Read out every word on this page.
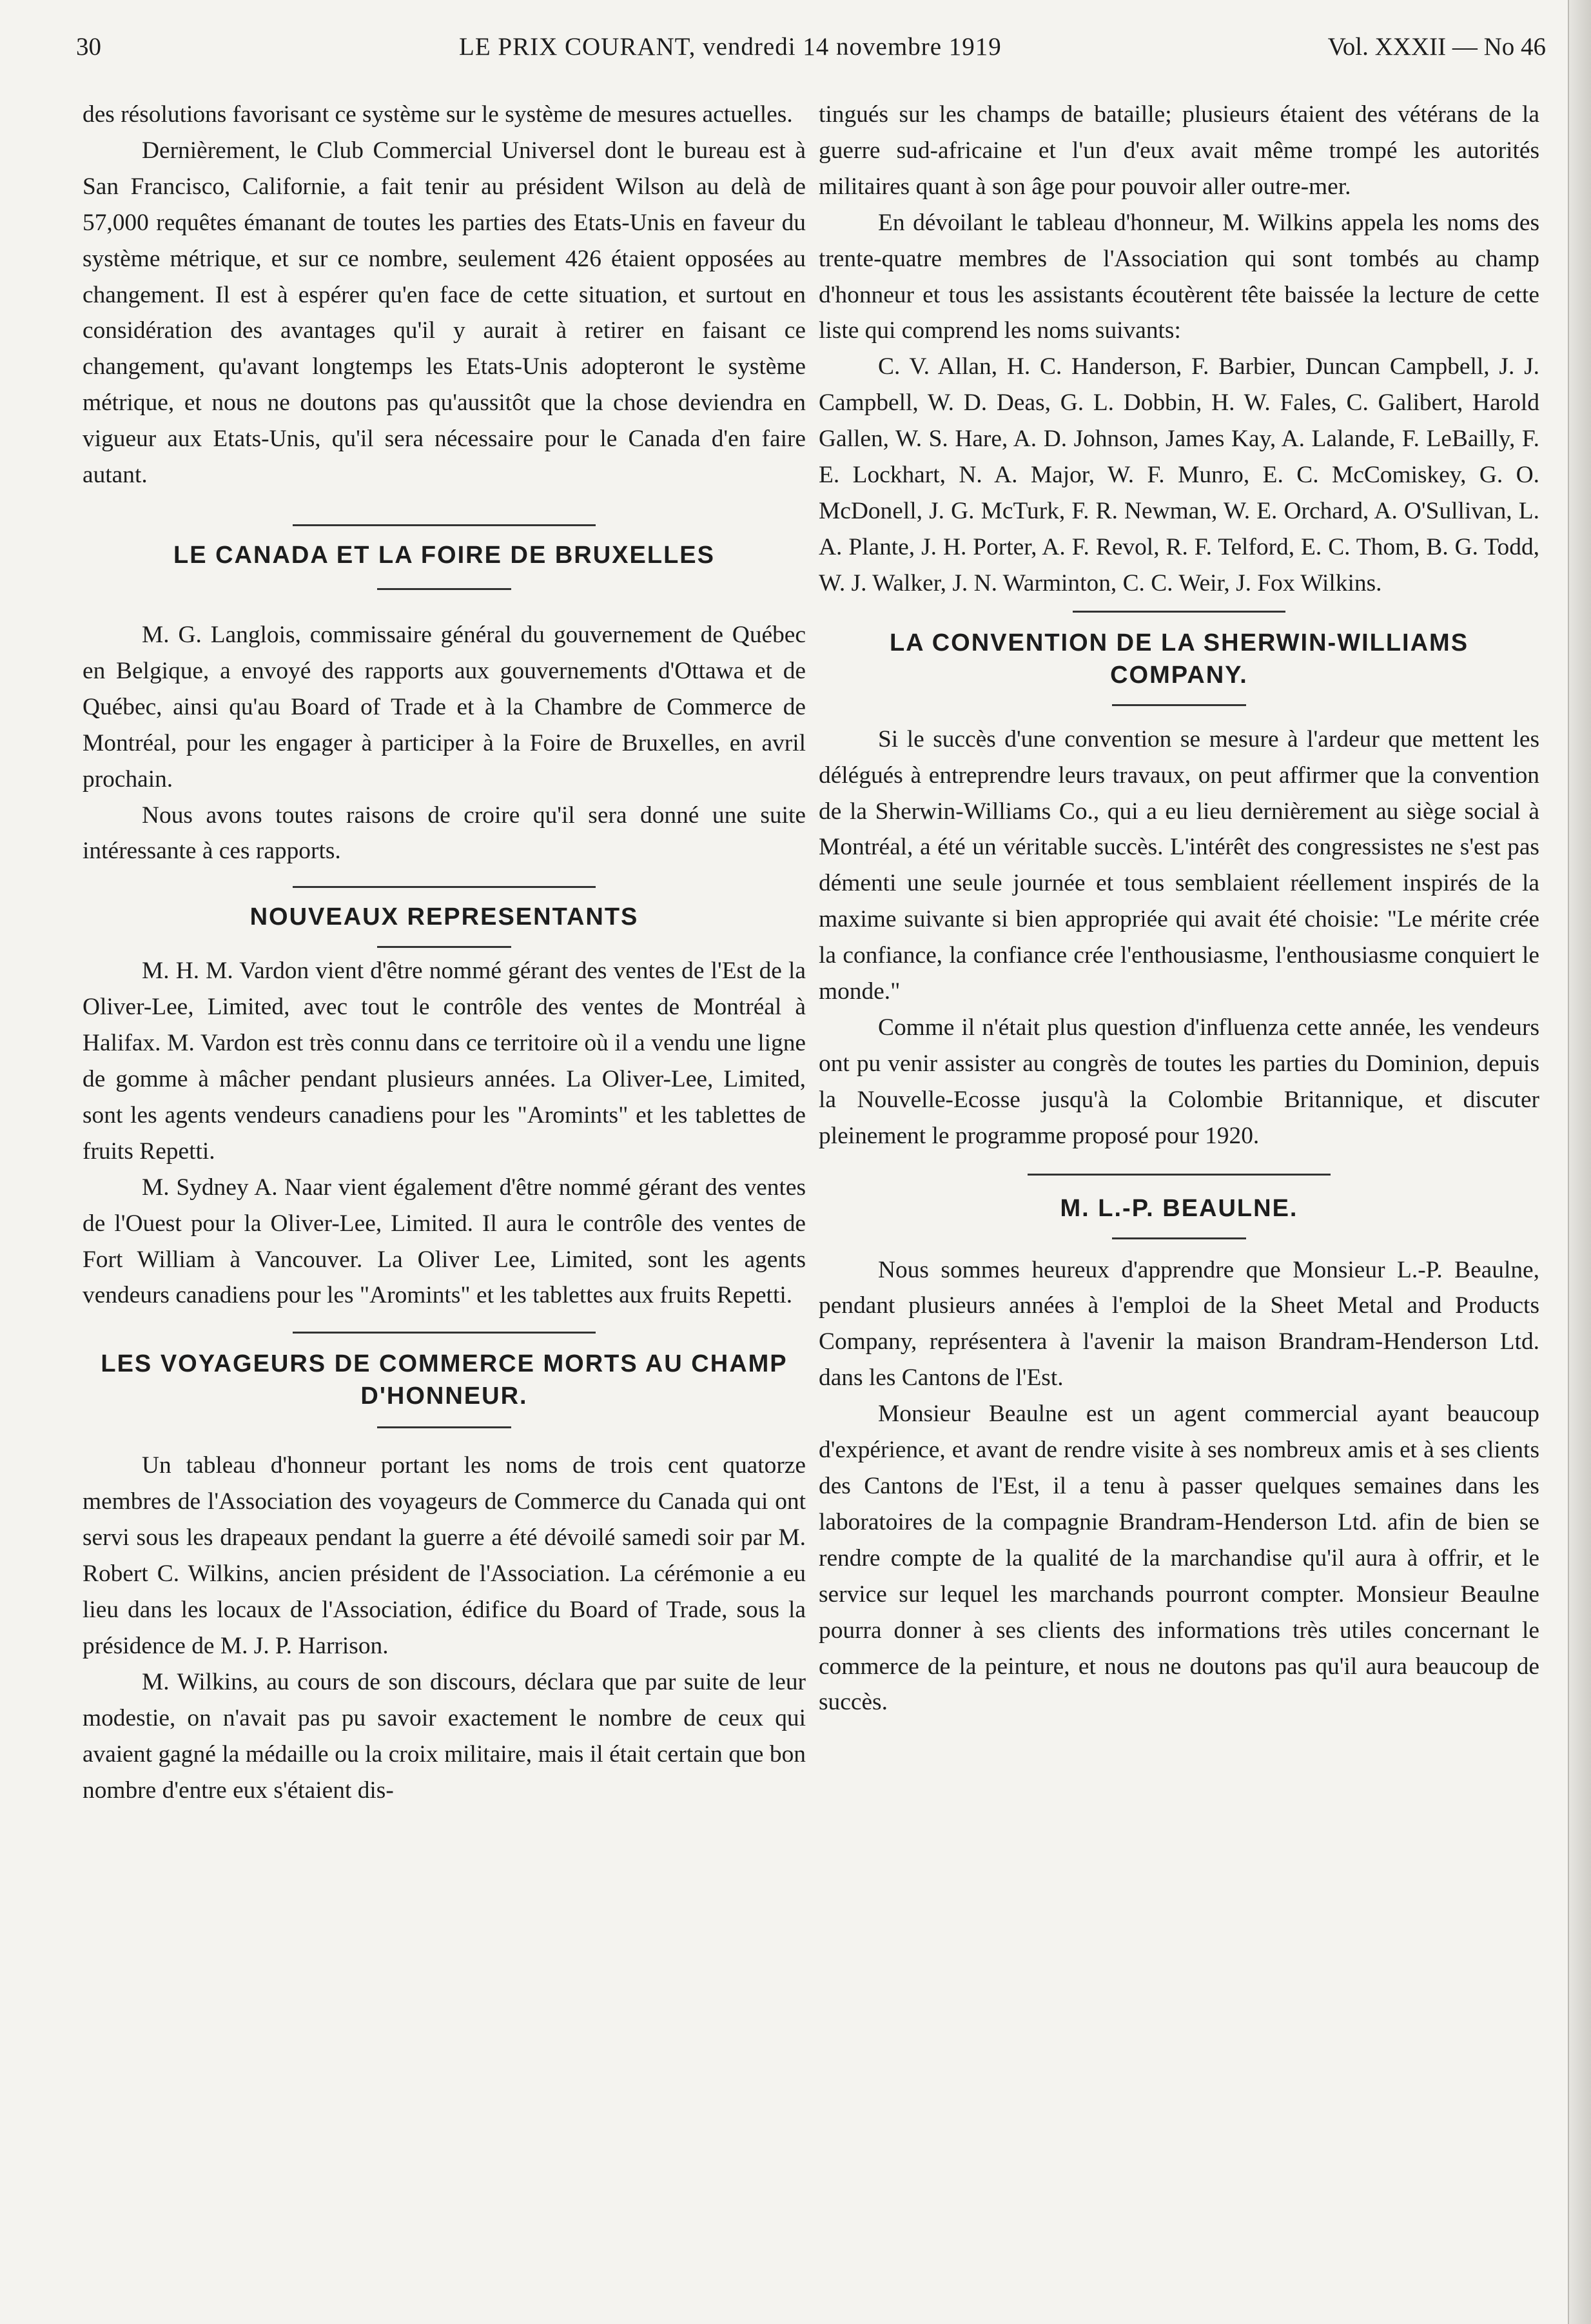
30	LE PRIX COURANT, vendredi 14 novembre 1919	Vol. XXXII — No 46

des résolutions favorisant ce système sur le système de mesures actuelles.

Dernièrement, le Club Commercial Universel dont le bureau est à San Francisco, Californie, a fait tenir au président Wilson au delà de 57,000 requêtes émanant de toutes les parties des Etats-Unis en faveur du système métrique, et sur ce nombre, seulement 426 étaient opposées au changement. Il est à espérer qu'en face de cette situation, et surtout en considération des avantages qu'il y aurait à retirer en faisant ce changement, qu'avant longtemps les Etats-Unis adopteront le système métrique, et nous ne doutons pas qu'aussitôt que la chose deviendra en vigueur aux Etats-Unis, qu'il sera nécessaire pour le Canada d'en faire autant.

LE CANADA ET LA FOIRE DE BRUXELLES

M. G. Langlois, commissaire général du gouvernement de Québec en Belgique, a envoyé des rapports aux gouvernements d'Ottawa et de Québec, ainsi qu'au Board of Trade et à la Chambre de Commerce de Montréal, pour les engager à participer à la Foire de Bruxelles, en avril prochain.

Nous avons toutes raisons de croire qu'il sera donné une suite intéressante à ces rapports.

NOUVEAUX REPRESENTANTS

M. H. M. Vardon vient d'être nommé gérant des ventes de l'Est de la Oliver-Lee, Limited, avec tout le contrôle des ventes de Montréal à Halifax. M. Vardon est très connu dans ce territoire où il a vendu une ligne de gomme à mâcher pendant plusieurs années. La Oliver-Lee, Limited, sont les agents vendeurs canadiens pour les "Aromints" et les tablettes de fruits Repetti.

M. Sydney A. Naar vient également d'être nommé gérant des ventes de l'Ouest pour la Oliver-Lee, Limited. Il aura le contrôle des ventes de Fort William à Vancouver. La Oliver Lee, Limited, sont les agents vendeurs canadiens pour les "Aromints" et les tablettes aux fruits Repetti.

LES VOYAGEURS DE COMMERCE MORTS AU CHAMP D'HONNEUR.

Un tableau d'honneur portant les noms de trois cent quatorze membres de l'Association des voyageurs de Commerce du Canada qui ont servi sous les drapeaux pendant la guerre a été dévoilé samedi soir par M. Robert C. Wilkins, ancien président de l'Association. La cérémonie a eu lieu dans les locaux de l'Association, édifice du Board of Trade, sous la présidence de M. J. P. Harrison.

M. Wilkins, au cours de son discours, déclara que par suite de leur modestie, on n'avait pas pu savoir exactement le nombre de ceux qui avaient gagné la médaille ou la croix militaire, mais il était certain que bon nombre d'entre eux s'étaient dis-

tingués sur les champs de bataille; plusieurs étaient des vétérans de la guerre sud-africaine et l'un d'eux avait même trompé les autorités militaires quant à son âge pour pouvoir aller outre-mer.

En dévoilant le tableau d'honneur, M. Wilkins appela les noms des trente-quatre membres de l'Association qui sont tombés au champ d'honneur et tous les assistants écoutèrent tête baissée la lecture de cette liste qui comprend les noms suivants:

C. V. Allan, H. C. Handerson, F. Barbier, Duncan Campbell, J. J. Campbell, W. D. Deas, G. L. Dobbin, H. W. Fales, C. Galibert, Harold Gallen, W. S. Hare, A. D. Johnson, James Kay, A. Lalande, F. LeBailly, F. E. Lockhart, N. A. Major, W. F. Munro, E. C. McComiskey, G. O. McDonell, J. G. McTurk, F. R. Newman, W. E. Orchard, A. O'Sullivan, L. A. Plante, J. H. Porter, A. F. Revol, R. F. Telford, E. C. Thom, B. G. Todd, W. J. Walker, J. N. Warminton, C. C. Weir, J. Fox Wilkins.

LA CONVENTION DE LA SHERWIN-WILLIAMS COMPANY.

Si le succès d'une convention se mesure à l'ardeur que mettent les délégués à entreprendre leurs travaux, on peut affirmer que la convention de la Sherwin-Williams Co., qui a eu lieu dernièrement au siège social à Montréal, a été un véritable succès. L'intérêt des congressistes ne s'est pas démenti une seule journée et tous semblaient réellement inspirés de la maxime suivante si bien appropriée qui avait été choisie: "Le mérite crée la confiance, la confiance crée l'enthousiasme, l'enthousiasme conquiert le monde."

Comme il n'était plus question d'influenza cette année, les vendeurs ont pu venir assister au congrès de toutes les parties du Dominion, depuis la Nouvelle-Ecosse jusqu'à la Colombie Britannique, et discuter pleinement le programme proposé pour 1920.

M. L.-P. BEAULNE.

Nous sommes heureux d'apprendre que Monsieur L.-P. Beaulne, pendant plusieurs années à l'emploi de la Sheet Metal and Products Company, représentera à l'avenir la maison Brandram-Henderson Ltd. dans les Cantons de l'Est.

Monsieur Beaulne est un agent commercial ayant beaucoup d'expérience, et avant de rendre visite à ses nombreux amis et à ses clients des Cantons de l'Est, il a tenu à passer quelques semaines dans les laboratoires de la compagnie Brandram-Henderson Ltd. afin de bien se rendre compte de la qualité de la marchandise qu'il aura à offrir, et le service sur lequel les marchands pourront compter. Monsieur Beaulne pourra donner à ses clients des informations très utiles concernant le commerce de la peinture, et nous ne doutons pas qu'il aura beaucoup de succès.
